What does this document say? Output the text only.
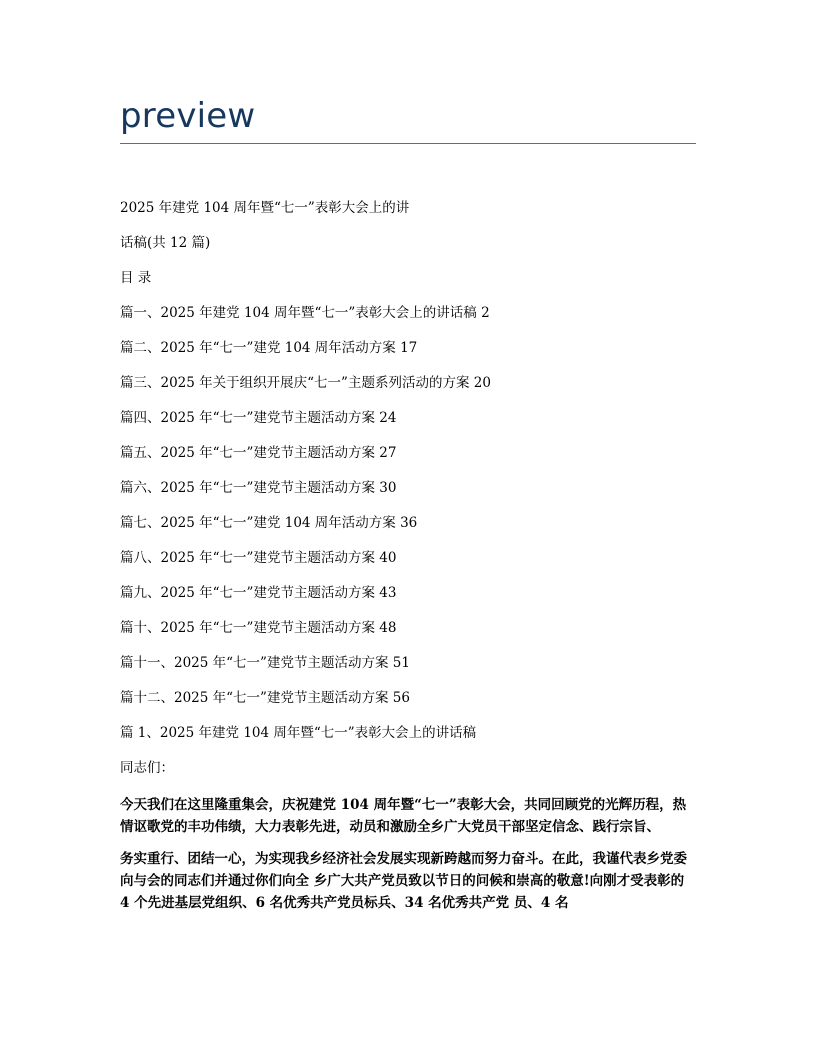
preview
2025 年建党 104 周年暨“七一”表彰大会上的讲
话稿(共 12 篇)
目 录
篇一、2025 年建党 104 周年暨“七一”表彰大会上的讲话稿 2
篇二、2025 年“七一”建党 104 周年活动方案 17
篇三、2025 年关于组织开展庆“七一”主题系列活动的方案 20
篇四、2025 年“七一”建党节主题活动方案 24
篇五、2025 年“七一”建党节主题活动方案 27
篇六、2025 年“七一”建党节主题活动方案 30
篇七、2025 年“七一”建党 104 周年活动方案 36
篇八、2025 年“七一”建党节主题活动方案 40
篇九、2025 年“七一”建党节主题活动方案 43
篇十、2025 年“七一”建党节主题活动方案 48
篇十一、2025 年“七一”建党节主题活动方案 51
篇十二、2025 年“七一”建党节主题活动方案 56
篇 1、2025 年建党 104 周年暨“七一”表彰大会上的讲话稿
同志们：
今天我们在这里隆重集会，庆祝建党 104 周年暨“七一”表彰大会，共同回顾党的光辉历程，热情讴歌党的丰功伟绩，大力表彰先进，动员和激励全乡广大党员干部坚定信念、践行宗旨、
务实重行、团结一心，为实现我乡经济社会发展实现新跨越而努力奋斗。在此，我谨代表乡党委向与会的同志们并通过你们向全 乡广大共产党员致以节日的问候和崇高的敬意!向刚才受表彰的 4 个先进基层党组织、6 名优秀共产党员标兵、34 名优秀共产党 员、4 名
